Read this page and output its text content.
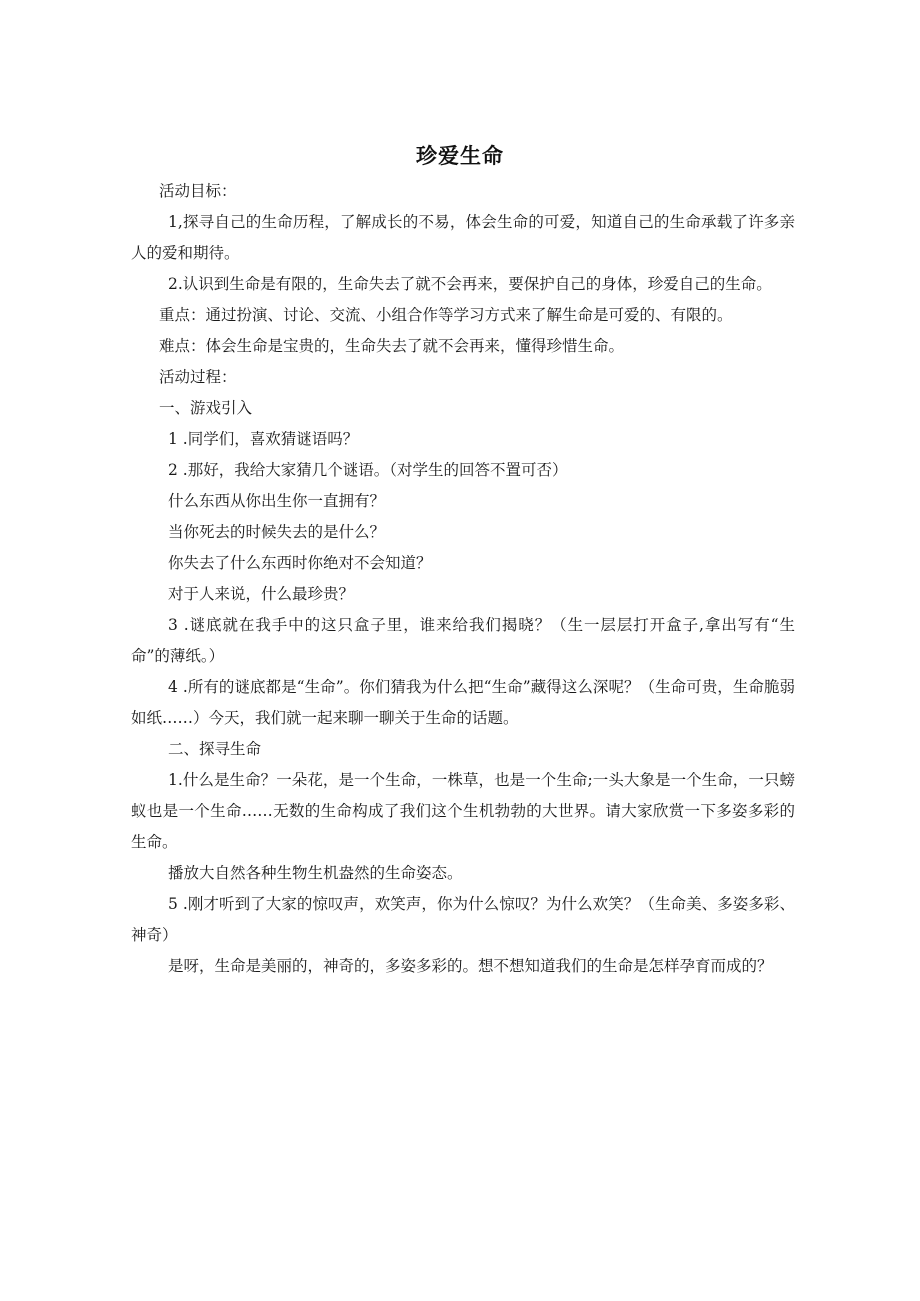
珍爱生命

活动目标：

1,探寻自己的生命历程，了解成长的不易，体会生命的可爱，知道自己的生命承载了许多亲人的爱和期待。

2.认识到生命是有限的，生命失去了就不会再来，要保护自己的身体，珍爱自己的生命。

重点：通过扮演、讨论、交流、小组合作等学习方式来了解生命是可爱的、有限的。

难点：体会生命是宝贵的，生命失去了就不会再来，懂得珍惜生命。

活动过程：

一、游戏引入

1 .同学们，喜欢猜谜语吗？

2 .那好，我给大家猜几个谜语。（对学生的回答不置可否）

什么东西从你出生你一直拥有？

当你死去的时候失去的是什么？

你失去了什么东西时你绝对不会知道？

对于人来说，什么最珍贵？

3 .谜底就在我手中的这只盒子里，谁来给我们揭晓？（生一层层打开盒子,拿出写有“生命”的薄纸。）

4 .所有的谜底都是“生命”。你们猜我为什么把“生命”藏得这么深呢？（生命可贵，生命脆弱如纸……）今天，我们就一起来聊一聊关于生命的话题。

二、探寻生命

1.什么是生命？一朵花，是一个生命，一株草，也是一个生命;一头大象是一个生命，一只螃蚁也是一个生命……无数的生命构成了我们这个生机勃勃的大世界。请大家欣赏一下多姿多彩的生命。

播放大自然各种生物生机盎然的生命姿态。

5 .刚才听到了大家的惊叹声，欢笑声，你为什么惊叹？为什么欢笑？（生命美、多姿多彩、神奇）

是呀，生命是美丽的，神奇的，多姿多彩的。想不想知道我们的生命是怎样孕育而成的？
